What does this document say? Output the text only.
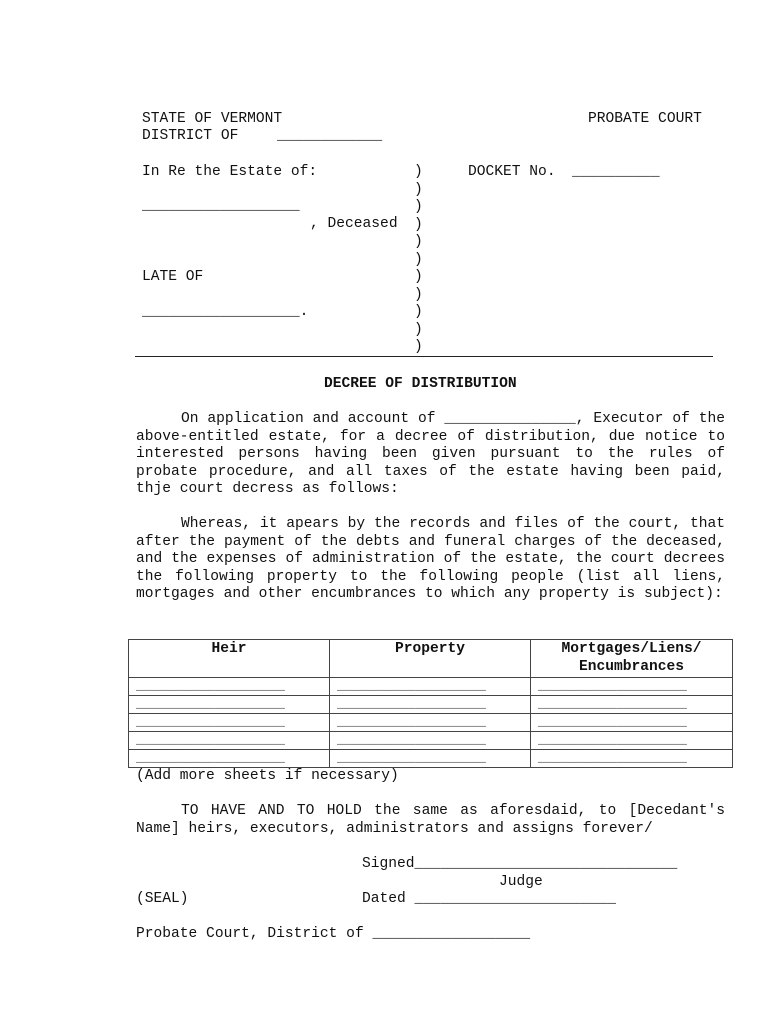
STATE OF VERMONT	PROBATE COURT
DISTRICT OF	____________
In Re the Estate of:	DOCKET No. __________
__________________
, Deceased
LATE OF
__________________.
)
)
)
)
)
)
)
)
)
)
)
DECREE OF DISTRIBUTION
On application and account of _______________, Executor of the above-entitled estate, for a decree of distribution, due notice to interested persons having been given pursuant to the rules of probate procedure, and all taxes of the estate having been paid, thje court decress as follows:
Whereas, it apears by the records and files of the court, that after the payment of the debts and funeral charges of the deceased, and the expenses of administration of the estate, the court decrees the following property to the following people (list all liens, mortgages and other encumbrances to which any property is subject):
Heir	Property	Mortgages/Liens/ Encumbrances
_________________	_________________	_________________
_________________	_________________	_________________
_________________	_________________	_________________
_________________	_________________	_________________
_________________	_________________	_________________
(Add more sheets if necessary)
TO HAVE AND TO HOLD the same as aforesdaid, to [Decedant's Name] heirs, executors, administrators and assigns forever/
Signed______________________________
Judge
(SEAL)	Dated _______________________
Probate Court, District of __________________
